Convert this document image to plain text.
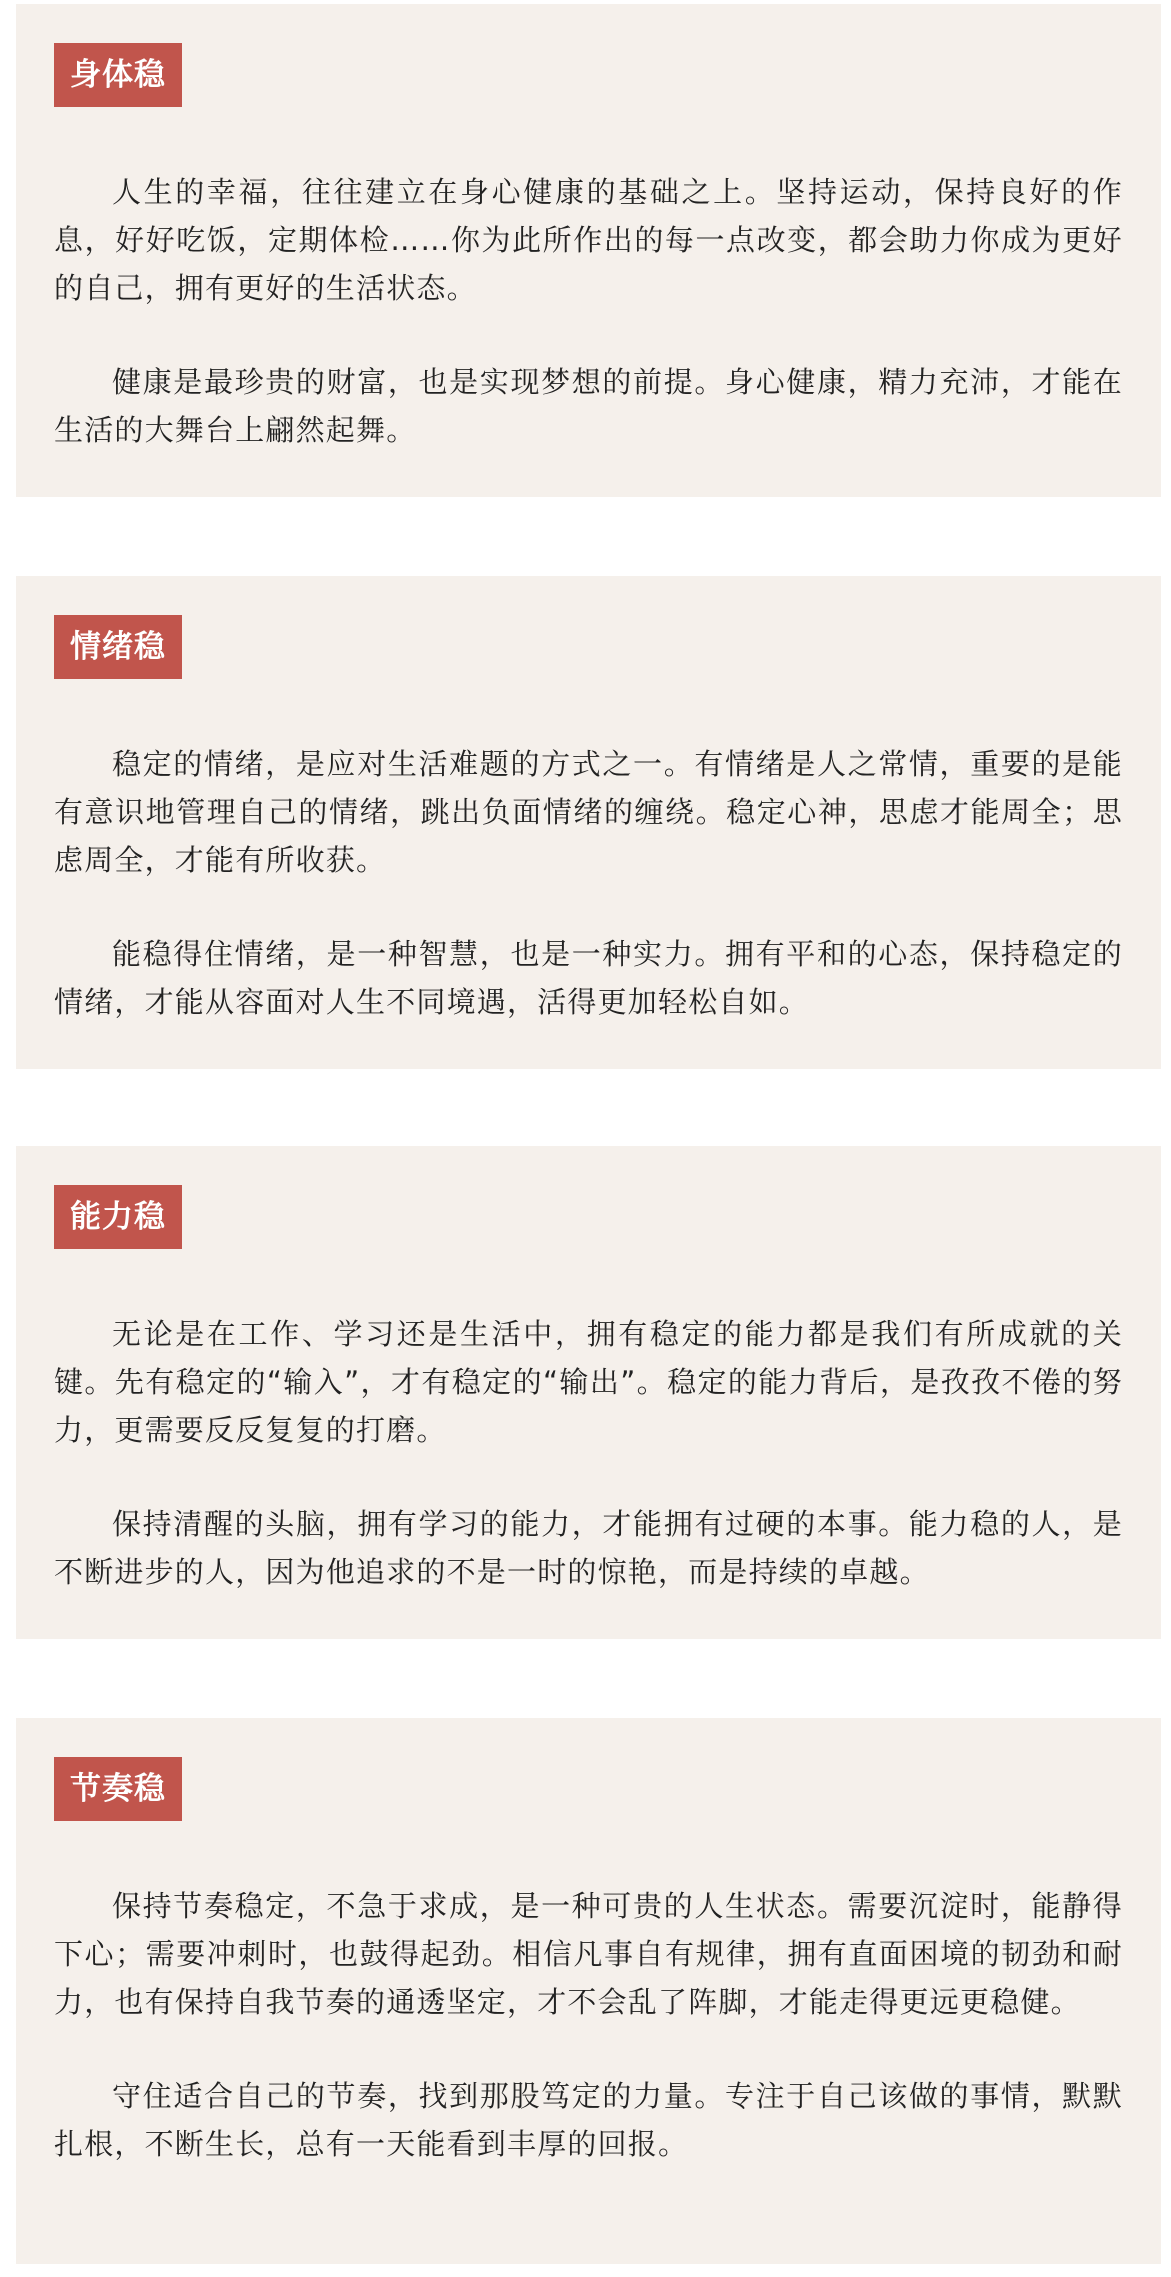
身体稳

人生的幸福，往往建立在身心健康的基础之上。坚持运动，保持良好的作息，好好吃饭，定期体检……你为此所作出的每一点改变，都会助力你成为更好的自己，拥有更好的生活状态。

健康是最珍贵的财富，也是实现梦想的前提。身心健康，精力充沛，才能在生活的大舞台上翩然起舞。

情绪稳

稳定的情绪，是应对生活难题的方式之一。有情绪是人之常情，重要的是能有意识地管理自己的情绪，跳出负面情绪的缠绕。稳定心神，思虑才能周全；思虑周全，才能有所收获。

能稳得住情绪，是一种智慧，也是一种实力。拥有平和的心态，保持稳定的情绪，才能从容面对人生不同境遇，活得更加轻松自如。

能力稳

无论是在工作、学习还是生活中，拥有稳定的能力都是我们有所成就的关键。先有稳定的“输入”，才有稳定的“输出”。稳定的能力背后，是孜孜不倦的努力，更需要反反复复的打磨。

保持清醒的头脑，拥有学习的能力，才能拥有过硬的本事。能力稳的人，是不断进步的人，因为他追求的不是一时的惊艳，而是持续的卓越。

节奏稳

保持节奏稳定，不急于求成，是一种可贵的人生状态。需要沉淀时，能静得下心；需要冲刺时，也鼓得起劲。相信凡事自有规律，拥有直面困境的韧劲和耐力，也有保持自我节奏的通透坚定，才不会乱了阵脚，才能走得更远更稳健。

守住适合自己的节奏，找到那股笃定的力量。专注于自己该做的事情，默默扎根，不断生长，总有一天能看到丰厚的回报。
